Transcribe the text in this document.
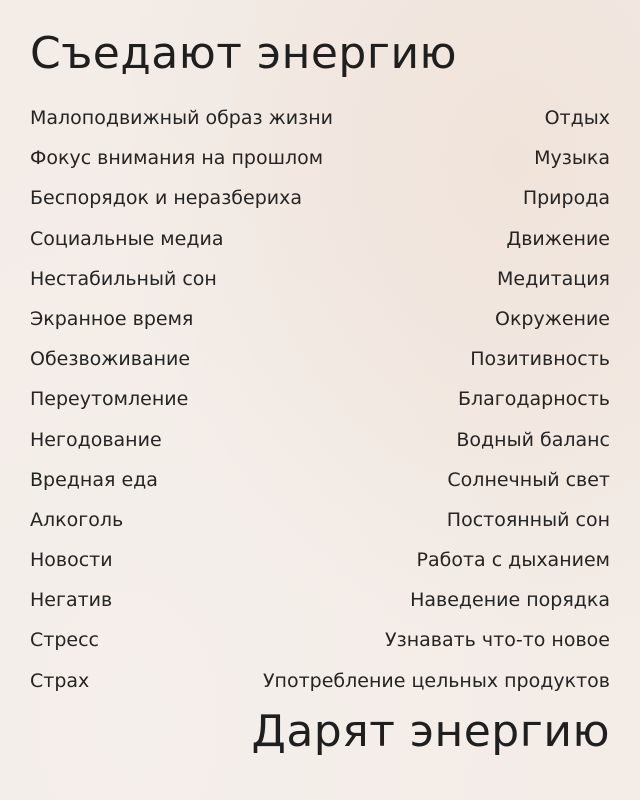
Съедают энергию
Малоподвижный образ жизни
Фокус внимания на прошлом
Беспорядок и неразбериха
Социальные медиа
Нестабильный сон
Экранное время
Обезвоживание
Переутомление
Негодование
Вредная еда
Алкоголь
Новости
Негатив
Стресс
Страх
Отдых
Музыка
Природа
Движение
Медитация
Окружение
Позитивность
Благодарность
Водный баланс
Солнечный свет
Постоянный сон
Работа с дыханием
Наведение порядка
Узнавать что-то новое
Употребление цельных продуктов
Дарят энергию
